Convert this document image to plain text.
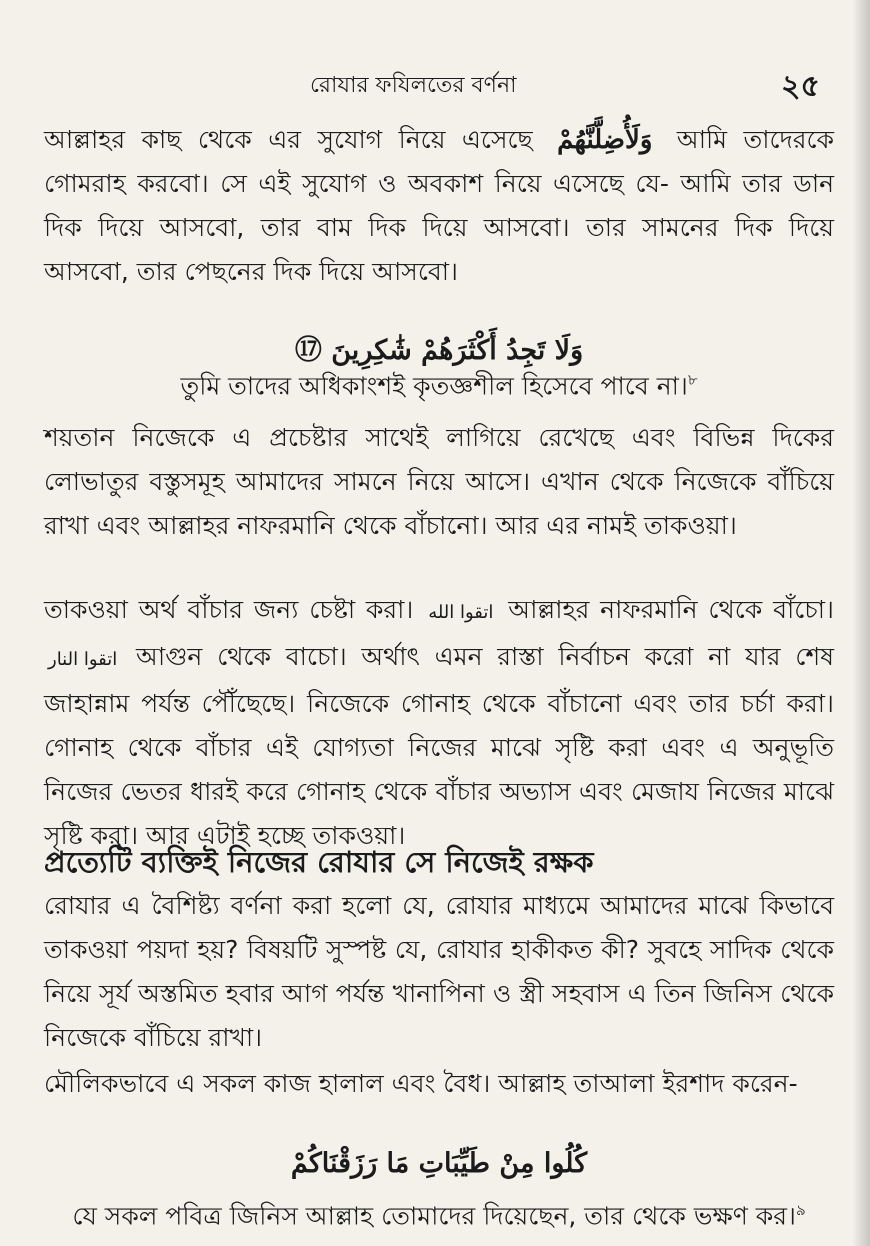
রোযার ফযিলতের বর্ণনা	২৫

আল্লাহর কাছ থেকে এর সুযোগ নিয়ে এসেছে وَلَأُضِلَّنَّهُمْ আমি তাদেরকে গোমরাহ করবো। সে এই সুযোগ ও অবকাশ নিয়ে এসেছে যে- আমি তার ডান দিক দিয়ে আসবো, তার বাম দিক দিয়ে আসবো। তার সামনের দিক দিয়ে আসবো, তার পেছনের দিক দিয়ে আসবো।

وَلَا تَجِدُ أَكْثَرَهُمْ شَٰكِرِينَ ⑰
তুমি তাদের অধিকাংশই কৃতজ্ঞশীল হিসেবে পাবে না।$^৮$

শয়তান নিজেকে এ প্রচেষ্টার সাথেই লাগিয়ে রেখেছে এবং বিভিন্ন দিকের লোভাতুর বস্তুসমূহ আমাদের সামনে নিয়ে আসে। এখান থেকে নিজেকে বাঁচিয়ে রাখা এবং আল্লাহর নাফরমানি থেকে বাঁচানো। আর এর নামই তাকওয়া।

তাকওয়া অর্থ বাঁচার জন্য চেষ্টা করা। اتقوا الله আল্লাহর নাফরমানি থেকে বাঁচো। اتقوا النار আগুন থেকে বাচো। অর্থাৎ এমন রাস্তা নির্বাচন করো না যার শেষ জাহান্নাম পর্যন্ত পৌঁছেছে। নিজেকে গোনাহ থেকে বাঁচানো এবং তার চর্চা করা। গোনাহ থেকে বাঁচার এই যোগ্যতা নিজের মাঝে সৃষ্টি করা এবং এ অনুভূতি নিজের ভেতর ধারই করে গোনাহ থেকে বাঁচার অভ্যাস এবং মেজায নিজের মাঝে সৃষ্টি করা। আর এটাই হচ্ছে তাকওয়া।

প্রত্যেটি ব্যক্তিই নিজের রোযার সে নিজেই রক্ষক

রোযার এ বৈশিষ্ট্য বর্ণনা করা হলো যে, রোযার মাধ্যমে আমাদের মাঝে কিভাবে তাকওয়া পয়দা হয়? বিষয়টি সুস্পষ্ট যে, রোযার হাকীকত কী? সুবহে সাদিক থেকে নিয়ে সূর্য অস্তমিত হবার আগ পর্যন্ত খানাপিনা ও স্ত্রী সহবাস এ তিন জিনিস থেকে নিজেকে বাঁচিয়ে রাখা।

মৌলিকভাবে এ সকল কাজ হালাল এবং বৈধ। আল্লাহ তাআলা ইরশাদ করেন-

كُلُوا مِنْ طَيِّبَاتِ مَا رَزَقْنَاكُمْ
যে সকল পবিত্র জিনিস আল্লাহ তোমাদের দিয়েছেন, তার থেকে ভক্ষণ কর।$^৯$
